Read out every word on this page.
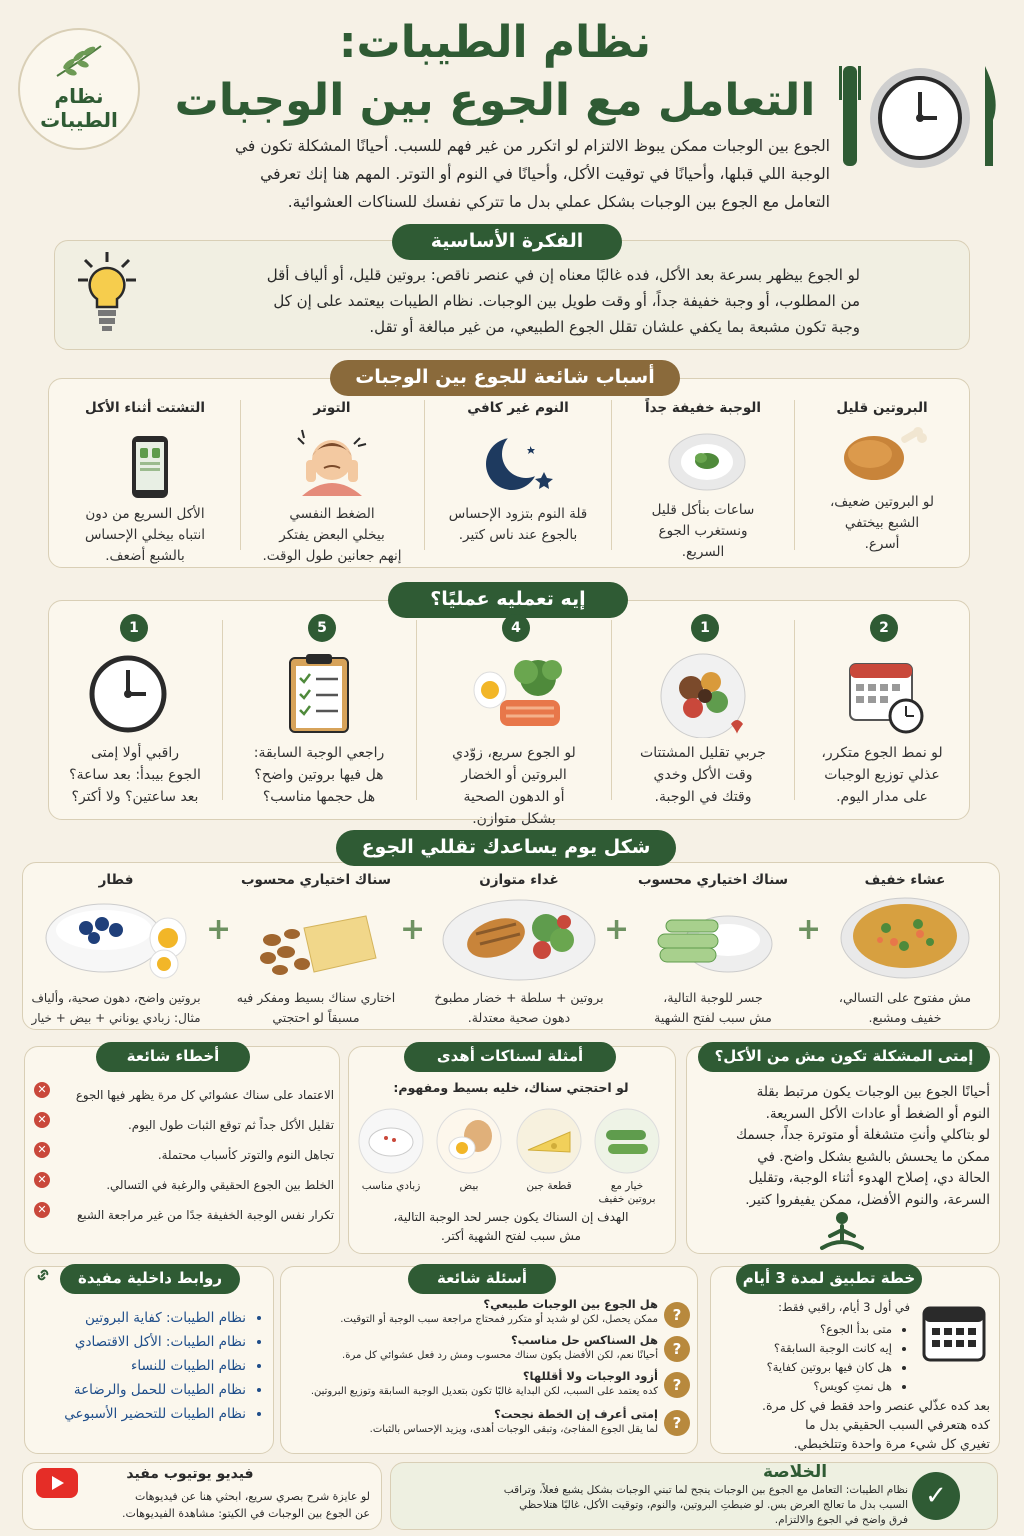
نظام
الطيبات
نظام الطيبات:
التعامل مع الجوع بين الوجبات
الجوع بين الوجبات ممكن يبوظ الالتزام لو اتكرر من غير فهم للسبب. أحيانًا المشكلة تكون في
الوجبة اللي قبلها، وأحيانًا في توقيت الأكل، وأحيانًا في النوم أو التوتر. المهم هنا إنك تعرفي
التعامل مع الجوع بين الوجبات بشكل عملي بدل ما تتركي نفسك للسناكات العشوائية.
الفكرة الأساسية
لو الجوع بيظهر بسرعة بعد الأكل، فده غالبًا معناه إن في عنصر ناقص: بروتين قليل، أو ألياف أقل
من المطلوب، أو وجبة خفيفة جداً، أو وقت طويل بين الوجبات. نظام الطيبات بيعتمد على إن كل
وجبة تكون مشبعة بما يكفي علشان تقلل الجوع الطبيعي، من غير مبالغة أو تقل.
أسباب شائعة للجوع بين الوجبات
البروتين قليل
لو البروتين ضعيف،
الشبع بيختفي
أسرع.
الوجبة خفيفة جداً
ساعات بنأكل قليل
ونستغرب الجوع
السريع.
النوم غير كافي
قلة النوم بتزود الإحساس
بالجوع عند ناس كتير.
التوتر
الضغط النفسي
بيخلي البعض يفتكر
إنهم جعانين طول الوقت.
التشتت أثناء الأكل
الأكل السريع من دون
انتباه بيخلي الإحساس
بالشبع أضعف.
إيه تعمليه عمليًا؟
2
لو نمط الجوع متكرر،
عذلي توزيع الوجبات
على مدار اليوم.
1
جربي تقليل المشتتات
وقت الأكل وخدي
وقتك في الوجبة.
4
لو الجوع سريع، زوّدي
البروتين أو الخضار
أو الدهون الصحية
بشكل متوازن.
5
راجعي الوجبة السابقة:
هل فيها بروتين واضح؟
هل حجمها مناسب؟
1
راقبي أولا إمتى
الجوع بيبدأ: بعد ساعة؟
بعد ساعتين؟ ولا أكتر؟
شكل يوم يساعدك تقللي الجوع
+
+
+
+
عشاء خفيف
مش مفتوح على التسالي،
خفيف ومشبع.
سناك اختياري محسوب
جسر للوجبة التالية،
مش سبب لفتح الشهية
غداء متوازن
بروتين + سلطة + خضار مطبوخ
دهون صحية معتدلة.
سناك اختياري محسوب
اختاري سناك بسيط ومفكر فيه
مسبقاً لو احتجتي
فطار
بروتين واضح، دهون صحية، وألياف
مثال: زبادي يوناني + بيض + خيار
إمتى المشكلة تكون مش من الأكل؟
أحيانًا الجوع بين الوجبات يكون مرتبط بقلة
النوم أو الضغط أو عادات الأكل السريعة.
لو بتاكلي وأنتِ متشغلة أو متوترة جداً، جسمك
ممكن ما يحسش بالشبع بشكل واضح. في
الحالة دي، إصلاح الهدوء أثناء الوجبة، وتقليل
السرعة، والنوم الأفضل، ممكن يفيفروا كتير.
أمثلة لسناكات أهدى
لو احتجتي سناك، خليه بسيط ومفهوم:
خيار مع
بروتين خفيف
قطعة جبن
بيض
زبادي مناسب
الهدف إن السناك يكون جسر لحد الوجبة التالية،
مش سبب لفتح الشهية أكتر.
أخطاء شائعة
الاعتماد على سناك عشوائي كل مرة يظهر فيها الجوع
✕
تقليل الأكل جداً ثم توقع الثبات طول اليوم.
✕
تجاهل النوم والتوتر كأسباب محتملة.
✕
الخلط بين الجوع الحقيقي والرغبة في التسالي.
✕
تكرار نفس الوجبة الخفيفة جدًا من غير مراجعة الشبع
✕
خطة تطبيق لمدة 3 أيام
في أول 3 أيام، راقبي فقط:
• متى بدأ الجوع؟
• إيه كانت الوجبة السابقة؟
• هل كان فيها بروتين كفاية؟
• هل نمتِ كويس؟
بعد كده عذّلي عنصر واحد فقط في كل مرة.
كده هتعرفي السبب الحقيقي بدل ما
تغيري كل شيء مرة واحدة وتتلخبطي.
أسئلة شائعة
?
?
?
?
هل الجوع بين الوجبات طبيعي؟
ممكن يحصل، لكن لو شديد أو متكرر فمحتاج مراجعة سبب الوجبة أو التوقيت.
هل السناكس حل مناسب؟
أحيانًا نعم، لكن الأفضل يكون سناك محسوب ومش رد فعل عشوائي كل مرة.
أزود الوجبات ولا أقللها؟
كده يعتمد على السبب، لكن البداية غالبًا تكون بتعديل الوجبة السابقة وتوزيع البروتين.
إمتى أعرف إن الخطة نجحت؟
لما يقل الجوع المفاجئ، وتبقى الوجبات أهدى، ويزيد الإحساس بالثبات.
روابط داخلية مفيدة
• نظام الطيبات: كفاية البروتين
• نظام الطيبات: الأكل الاقتصادي
• نظام الطيبات للنساء
• نظام الطيبات للحمل والرضاعة
• نظام الطيبات للتحضير الأسبوعي
الخلاصة
✓
نظام الطيبات: التعامل مع الجوع بين الوجبات ينجح لما تبني الوجبات بشكل يشبع فعلاً، وتراقب
السبب بدل ما تعالج العرض بس. لو ضبطتِ البروتين، والنوم، وتوقيت الأكل، غالبًا هتلاحظي
فرق واضح في الجوع والالتزام.
فيديو يوتيوب مفيد
لو عايزة شرح بصري سريع، ابحثي هنا عن فيديوهات
عن الجوع بين الوجبات في الكيتو: مشاهدة الفيديوهات.
